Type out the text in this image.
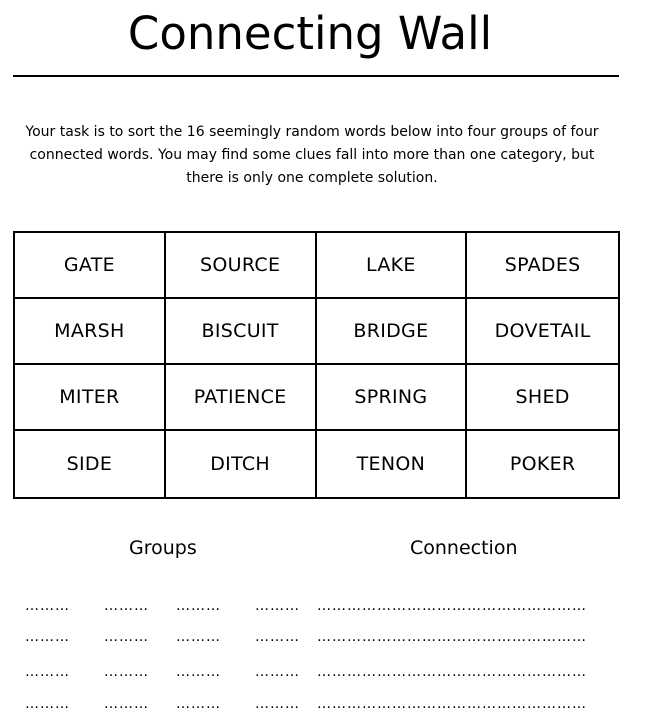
Connecting Wall
Your task is to sort the 16 seemingly random words below into four groups of four connected words. You may find some clues fall into more than one category, but there is only one complete solution.
GATE	SOURCE	LAKE	SPADES
MARSH	BISCUIT	BRIDGE	DOVETAIL
MITER	PATIENCE	SPRING	SHED
SIDE	DITCH	TENON	POKER
Groups	Connection
………	………	………	………	………………………………………………
………	………	………	………	………………………………………………
………	………	………	………	………………………………………………
………	………	………	………	………………………………………………
